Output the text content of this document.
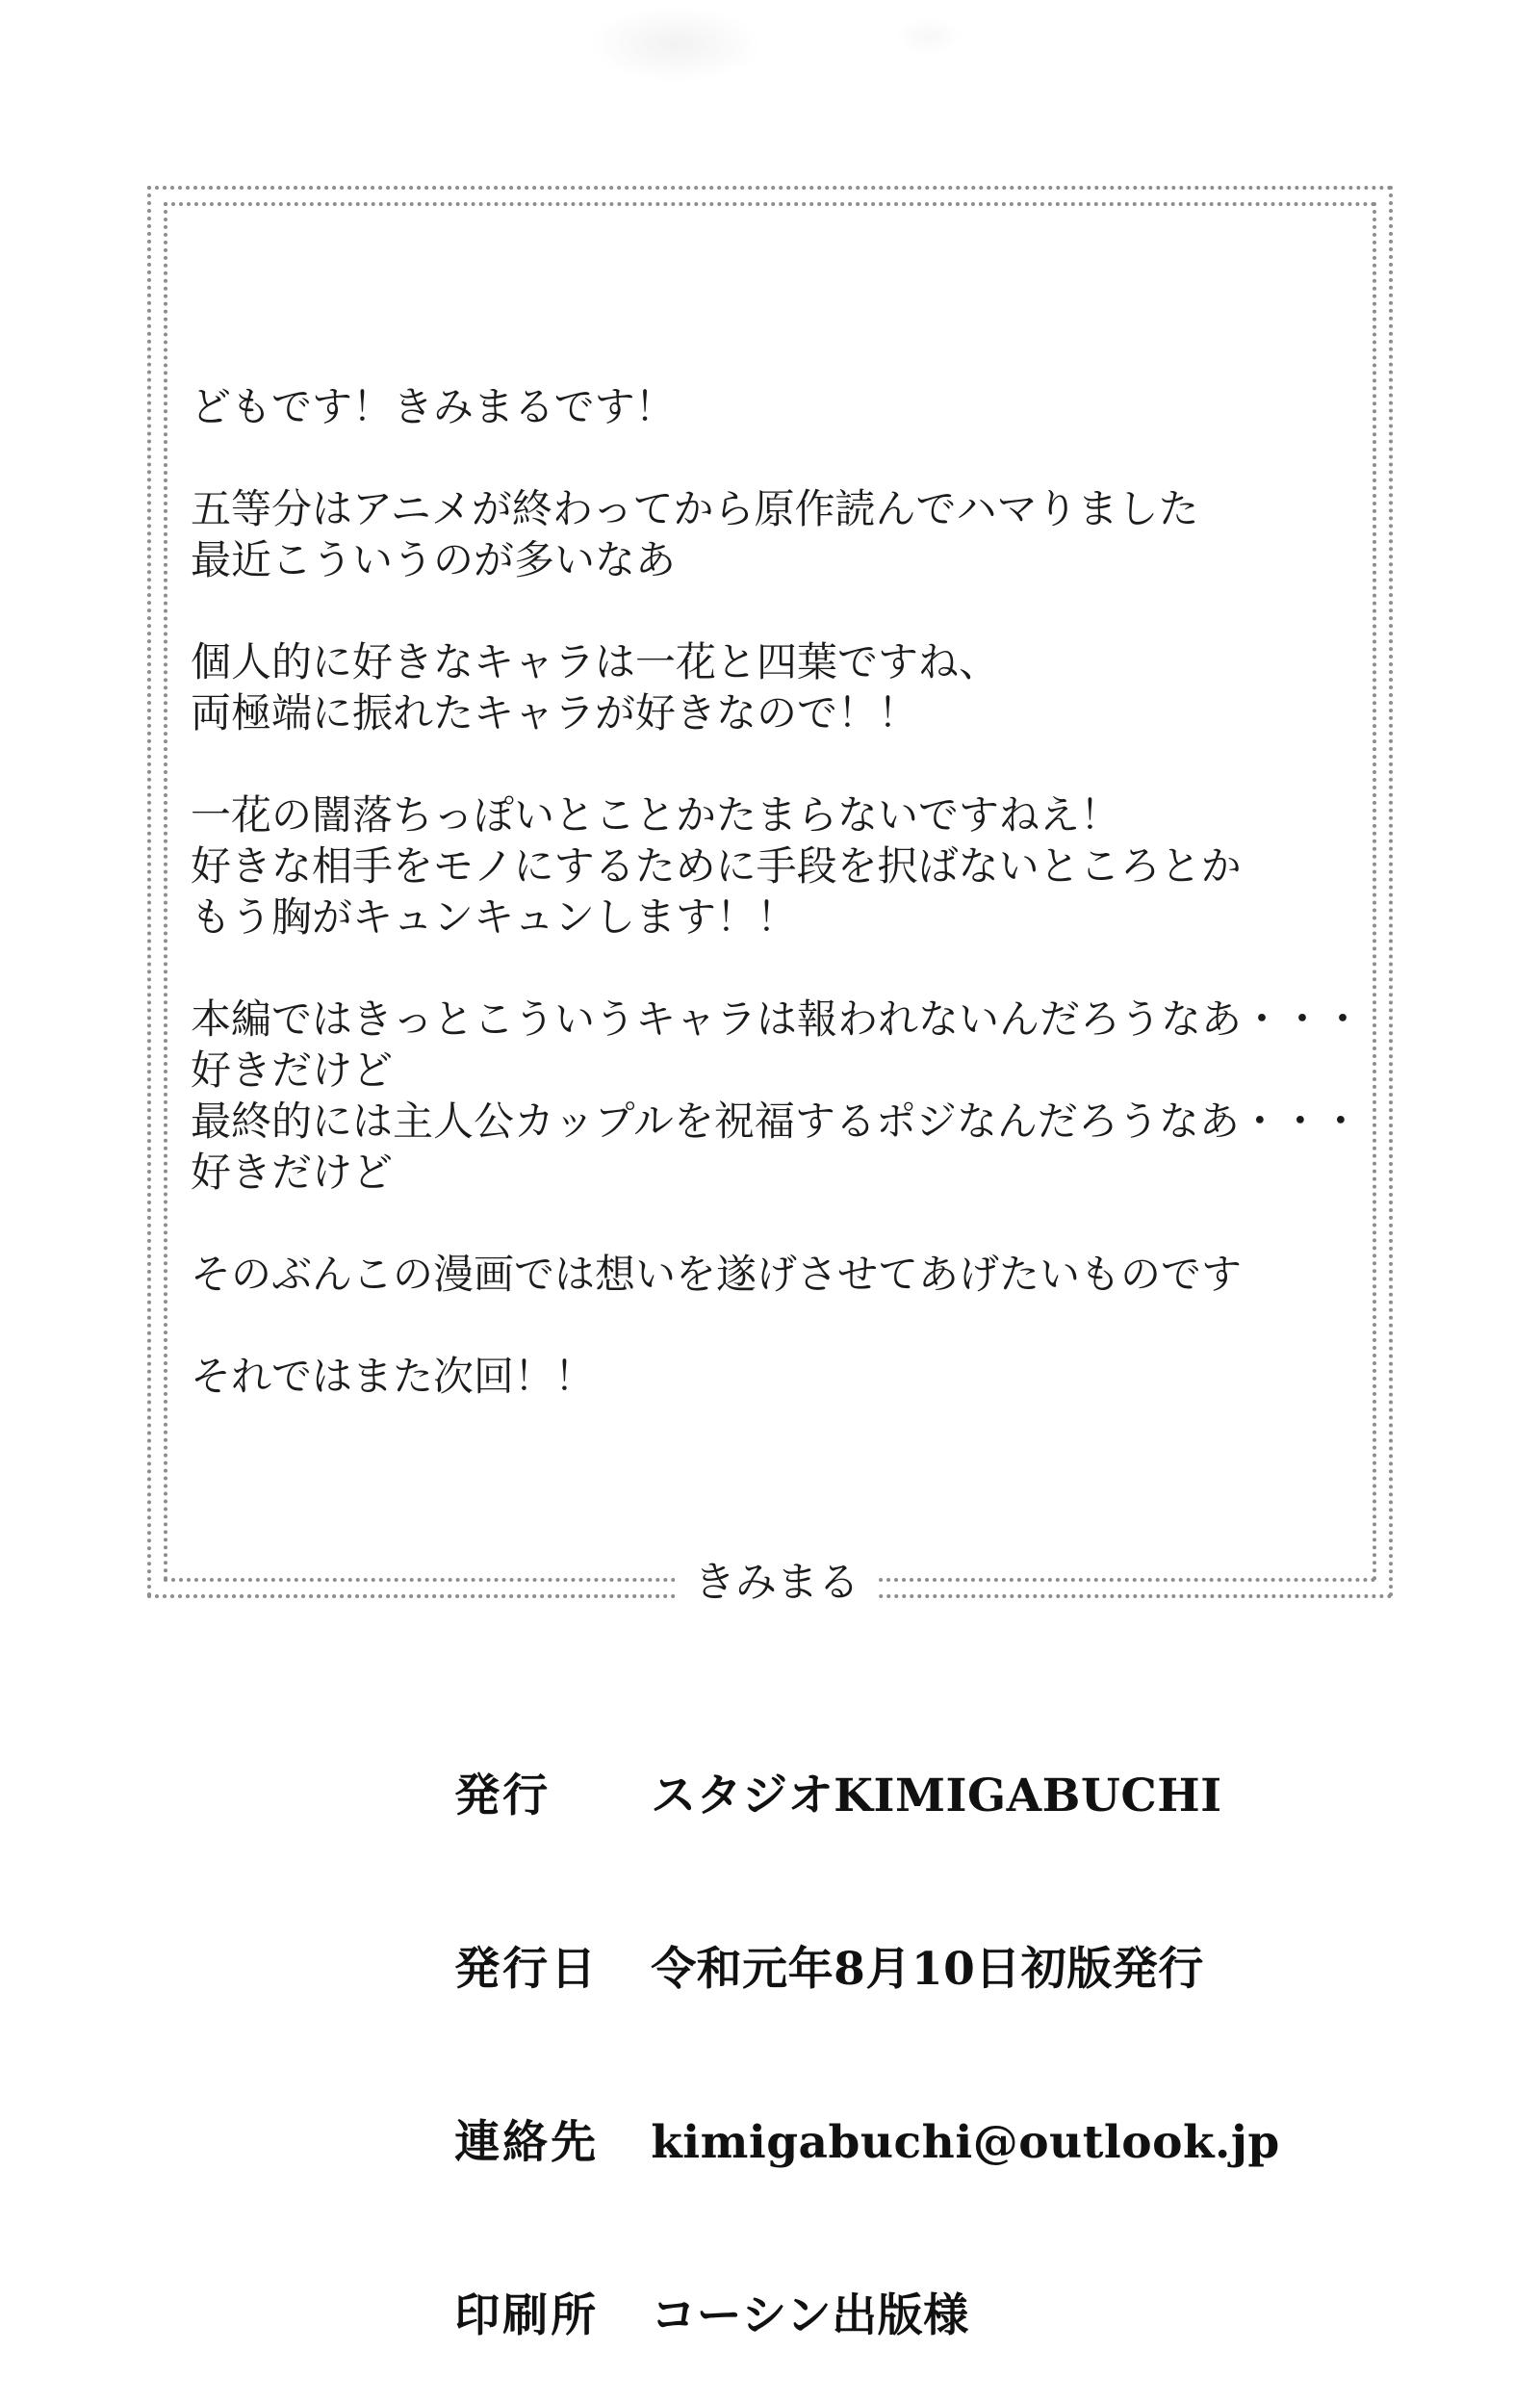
どもです！きみまるです！
五等分はアニメが終わってから原作読んでハマりました
最近こういうのが多いなあ
個人的に好きなキャラは一花と四葉ですね、
両極端に振れたキャラが好きなので！！
一花の闇落ちっぽいとことかたまらないですねえ！
好きな相手をモノにするために手段を択ばないところとか
もう胸がキュンキュンします！！
本編ではきっとこういうキャラは報われないんだろうなあ・・・
好きだけど
最終的には主人公カップルを祝福するポジなんだろうなあ・・・
好きだけど
そのぶんこの漫画では想いを遂げさせてあげたいものです
それではまた次回！！
きみまる

発行 スタジオKIMIGABUCHI

発行日 令和元年8月10日初版発行

連絡先 kimigabuchi@outlook.jp

印刷所 コーシン出版様
